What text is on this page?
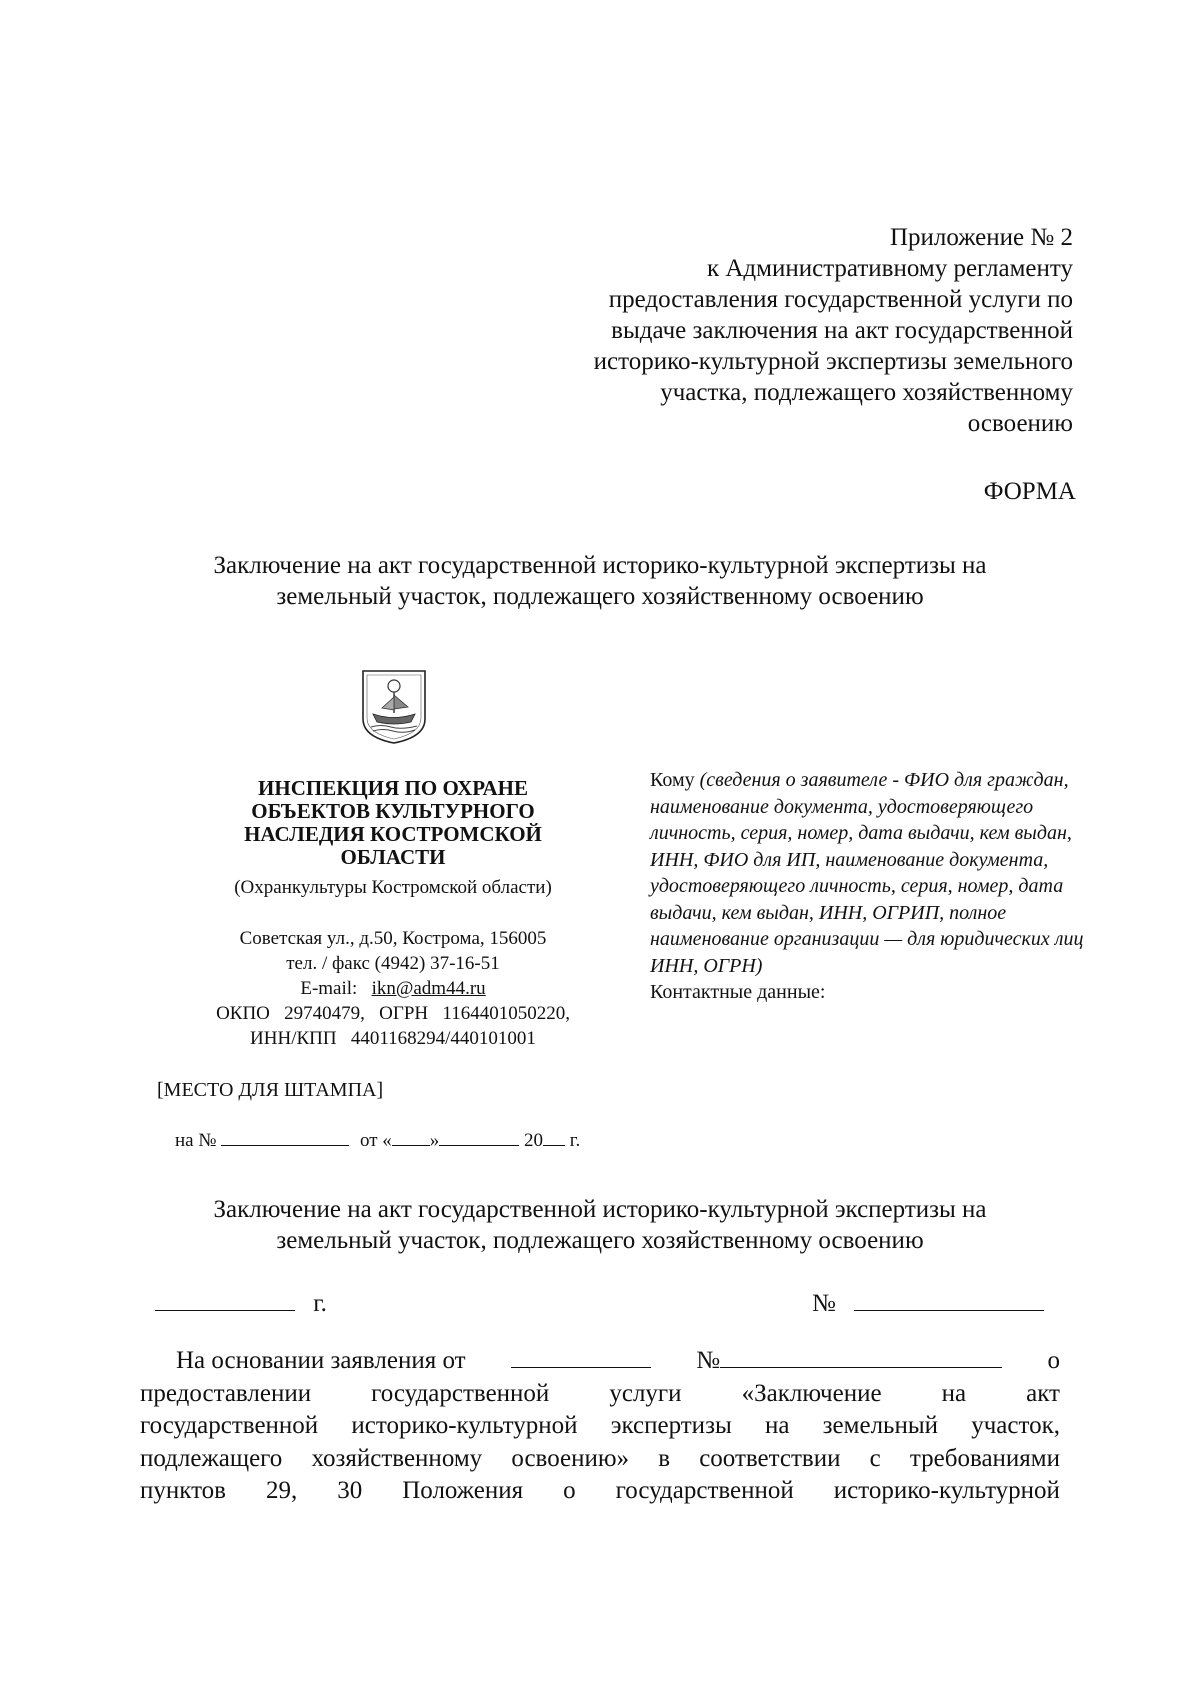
Приложение № 2
к Административному регламенту
предоставления государственной услуги по
выдаче заключения на акт государственной
историко-культурной экспертизы земельного
участка, подлежащего хозяйственному
освоению
ФОРМА
Заключение на акт государственной историко-культурной экспертизы на
земельный участок, подлежащего хозяйственному освоению
ИНСПЕКЦИЯ ПО ОХРАНЕ
ОБЪЕКТОВ КУЛЬТУРНОГО
НАСЛЕДИЯ КОСТРОМСКОЙ
ОБЛАСТИ
(Охранкультуры Костромской области)
Советская ул., д.50, Кострома, 156005
тел. / факс (4942) 37-16-51
E-mail: ikn@adm44.ru
ОКПО   29740479,   ОГРН   1164401050220,
ИНН/КПП   4401168294/440101001
Кому (сведения о заявителе - ФИО для граждан, наименование документа, удостоверяющего личность, серия, номер, дата выдачи, кем выдан, ИНН, ФИО для ИП, наименование документа, удостоверяющего личность, серия, номер, дата выдачи, кем выдан, ИНН, ОГРИП, полное наименование организации — для юридических лиц ИНН, ОГРН)
Контактные данные:
[МЕСТО ДЛЯ ШТАМПА]
на №	от « »	20 г.
Заключение на акт государственной историко-культурной экспертизы на
земельный участок, подлежащего хозяйственному освоению
г.	№
На основании заявления от	№	о
предоставлении государственной услуги «Заключение на акт
государственной историко-культурной экспертизы на земельный участок,
подлежащего хозяйственному освоению» в соответствии с требованиями
пунктов 29, 30 Положения о государственной историко-культурной
